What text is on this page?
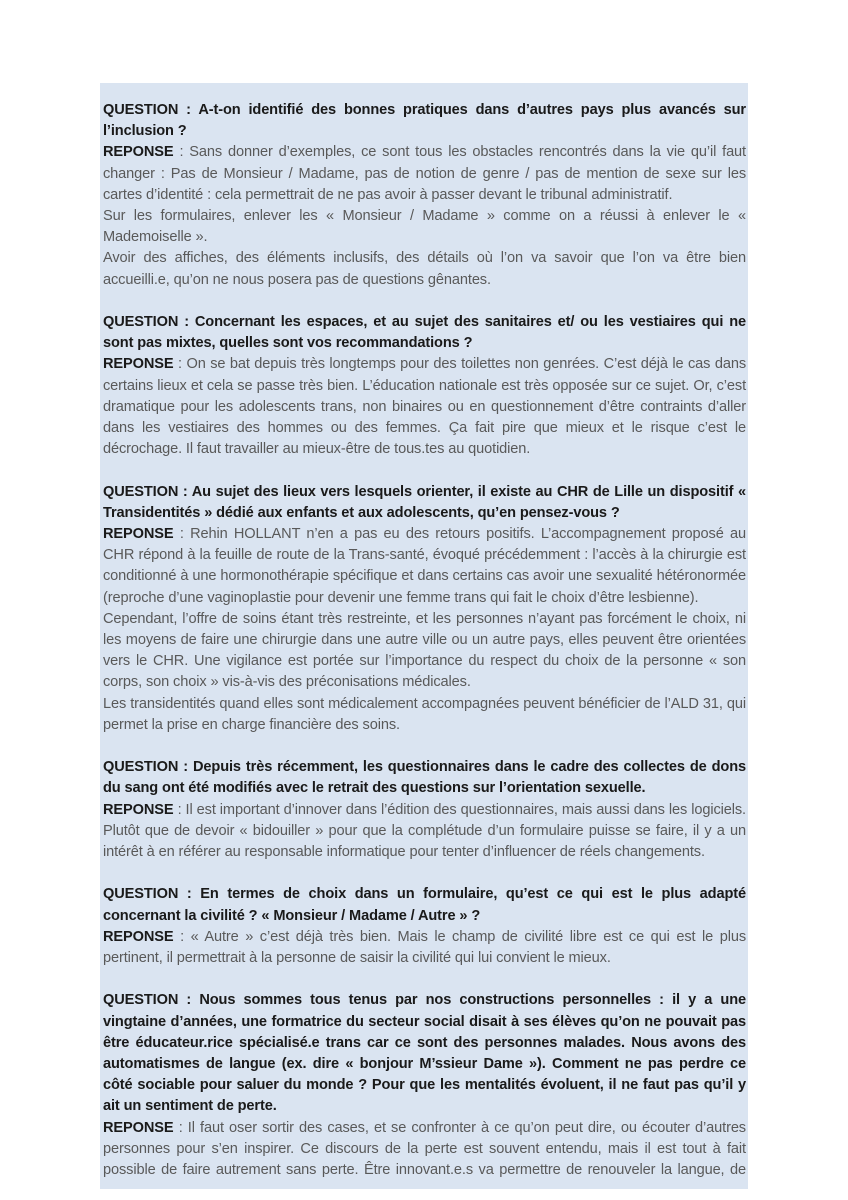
QUESTION : A-t-on identifié des bonnes pratiques dans d’autres pays plus avancés sur l’inclusion ?

REPONSE : Sans donner d’exemples, ce sont tous les obstacles rencontrés dans la vie qu’il faut changer : Pas de Monsieur / Madame, pas de notion de genre / pas de mention de sexe sur les cartes d’identité : cela permettrait de ne pas avoir à passer devant le tribunal administratif.

Sur les formulaires, enlever les « Monsieur / Madame » comme on a réussi à enlever le « Mademoiselle ».

Avoir des affiches, des éléments inclusifs, des détails où l’on va savoir que l’on va être bien accueilli.e, qu’on ne nous posera pas de questions gênantes.

QUESTION : Concernant les espaces, et au sujet des sanitaires et/ ou les vestiaires qui ne sont pas mixtes, quelles sont vos recommandations ?

REPONSE : On se bat depuis très longtemps pour des toilettes non genrées. C’est déjà le cas dans certains lieux et cela se passe très bien. L’éducation nationale est très opposée sur ce sujet. Or, c’est dramatique pour les adolescents trans, non binaires ou en questionnement d’être contraints d’aller dans les vestiaires des hommes ou des femmes. Ça fait pire que mieux et le risque c’est le décrochage. Il faut travailler au mieux-être de tous.tes au quotidien.

QUESTION : Au sujet des lieux vers lesquels orienter, il existe au CHR de Lille un dispositif « Transidentités » dédié aux enfants et aux adolescents, qu’en pensez-vous ?

REPONSE : Rehin HOLLANT n’en a pas eu des retours positifs. L’accompagnement proposé au CHR répond à la feuille de route de la Trans-santé, évoqué précédemment : l’accès à la chirurgie est conditionné à une hormonothérapie spécifique et dans certains cas avoir une sexualité hétéronormée (reproche d’une vaginoplastie pour devenir une femme trans qui fait le choix d’être lesbienne).

Cependant, l’offre de soins étant très restreinte, et les personnes n’ayant pas forcément le choix, ni les moyens de faire une chirurgie dans une autre ville ou un autre pays, elles peuvent être orientées vers le CHR. Une vigilance est portée sur l’importance du respect du choix de la personne « son corps, son choix » vis-à-vis des préconisations médicales.

Les transidentités quand elles sont médicalement accompagnées peuvent bénéficier de l’ALD 31, qui permet la prise en charge financière des soins.

QUESTION : Depuis très récemment, les questionnaires dans le cadre des collectes de dons du sang ont été modifiés avec le retrait des questions sur l’orientation sexuelle.

REPONSE : Il est important d’innover dans l’édition des questionnaires, mais aussi dans les logiciels. Plutôt que de devoir « bidouiller » pour que la complétude d’un formulaire puisse se faire, il y a un intérêt à en référer au responsable informatique pour tenter d’influencer de réels changements.

QUESTION : En termes de choix dans un formulaire, qu’est ce qui est le plus adapté concernant la civilité ? « Monsieur / Madame / Autre » ?

REPONSE : « Autre » c’est déjà très bien. Mais le champ de civilité libre est ce qui est le plus pertinent, il permettrait à la personne de saisir la civilité qui lui convient le mieux.

QUESTION : Nous sommes tous tenus par nos constructions personnelles : il y a une vingtaine d’années, une formatrice du secteur social disait à ses élèves qu’on ne pouvait pas être éducateur.rice spécialisé.e trans car ce sont des personnes malades. Nous avons des automatismes de langue (ex. dire « bonjour M’ssieur Dame »). Comment ne pas perdre ce côté sociable pour saluer du monde ? Pour que les mentalités évoluent, il ne faut pas qu’il y ait un sentiment de perte.

REPONSE : Il faut oser sortir des cases, et se confronter à ce qu’on peut dire, ou écouter d’autres personnes pour s’en inspirer. Ce discours de la perte est souvent entendu, mais il est tout à fait possible de faire autrement sans perte. Être innovant.e.s va permettre de renouveler la langue, de
